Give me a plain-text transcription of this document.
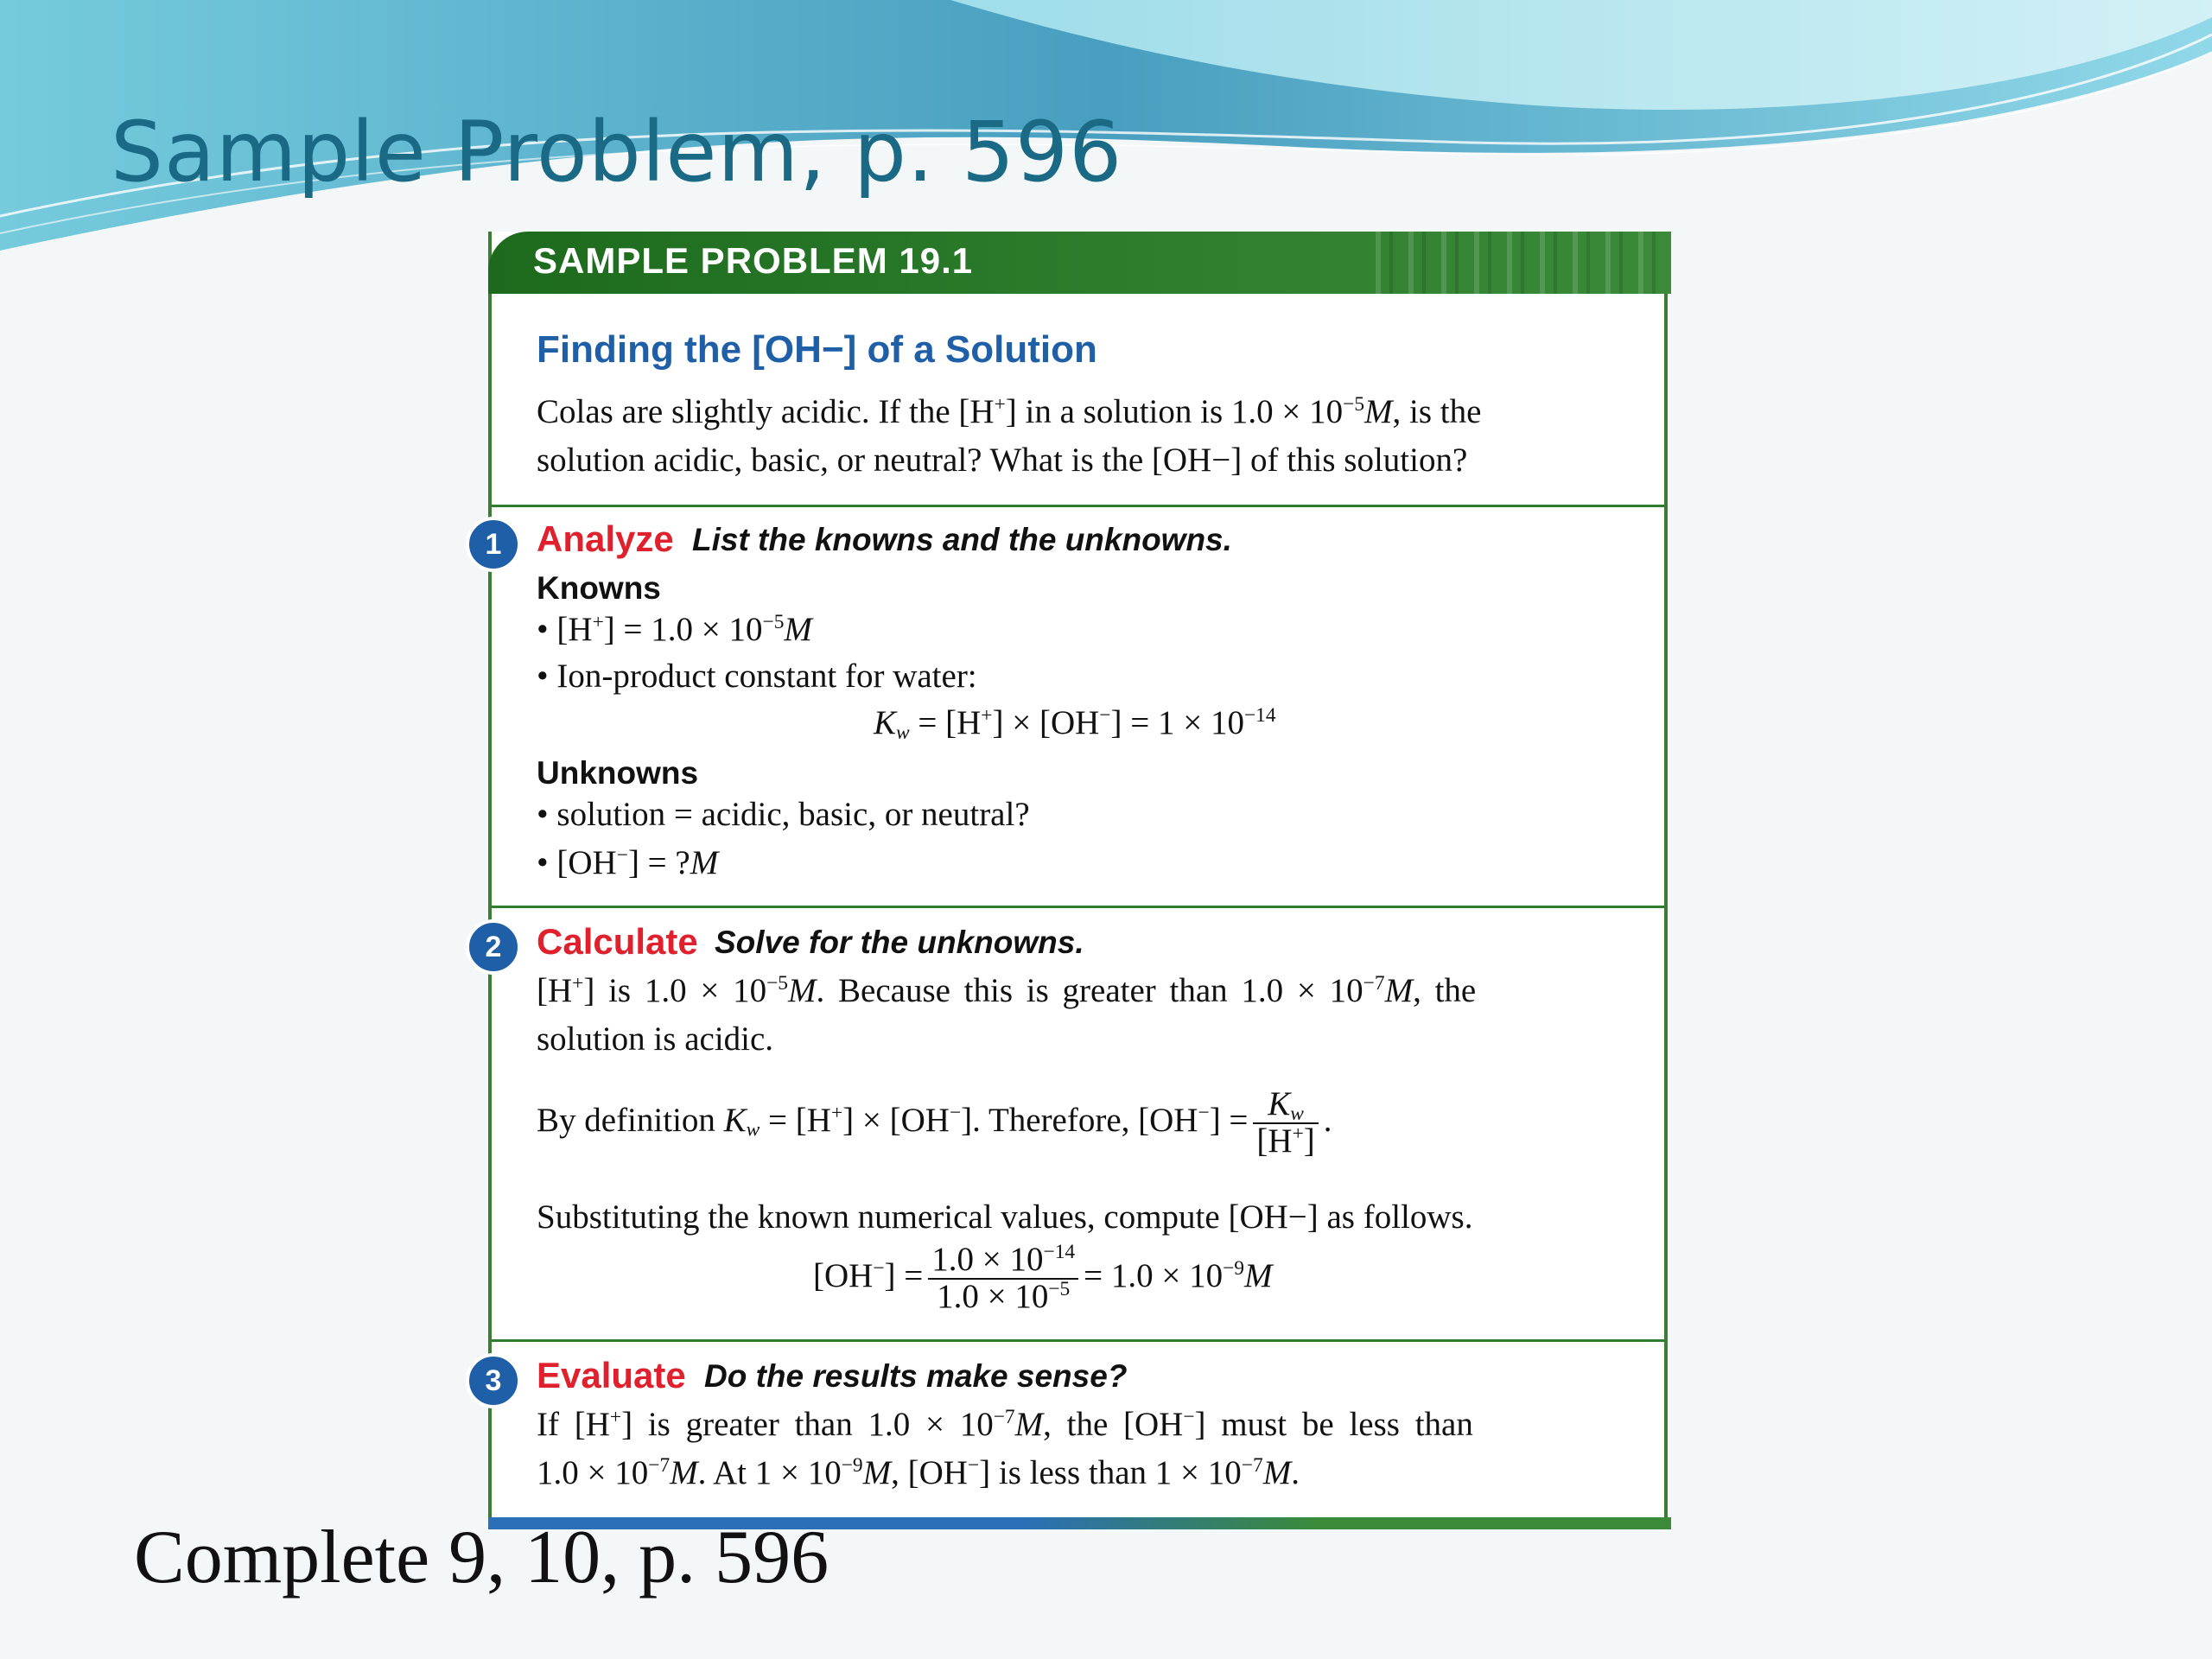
Sample Problem, p. 596
SAMPLE PROBLEM 19.1
Finding the [OH−] of a Solution
Colas are slightly acidic. If the [H+] in a solution is $1.0 \times 10^{-5}M$, is the
solution acidic, basic, or neutral? What is the [OH−] of this solution?
1 Analyze List the knowns and the unknowns.
Knowns
• $[H^+] = 1.0 \times 10^{-5}M$
• Ion-product constant for water:
$K_w = [H^+] \times [OH^-] = 1 \times 10^{-14}$
Unknowns
• solution = acidic, basic, or neutral?
• [OH−] = ?M
2 Calculate Solve for the unknowns.
[H+] is $1.0 \times 10^{-5}M$. Because this is greater than $1.0 \times 10^{-7}M$, the
solution is acidic.
By definition $K_w = [H^+] \times [OH^-]$. Therefore, $[OH^-] = \frac{K_w}{[H^+]}$ .
Substituting the known numerical values, compute [OH−] as follows.
$[OH^-] = \frac{1.0 \times 10^{-14}}{1.0 \times 10^{-5}} = 1.0 \times 10^{-9}M$
3 Evaluate Do the results make sense?
If [H+] is greater than $1.0 \times 10^{-7}M$, the [OH−] must be less than
$1.0 \times 10^{-7}M$. At $1 \times 10^{-9}M$, [OH−] is less than $1 \times 10^{-7}M$.
Complete 9, 10, p. 596
